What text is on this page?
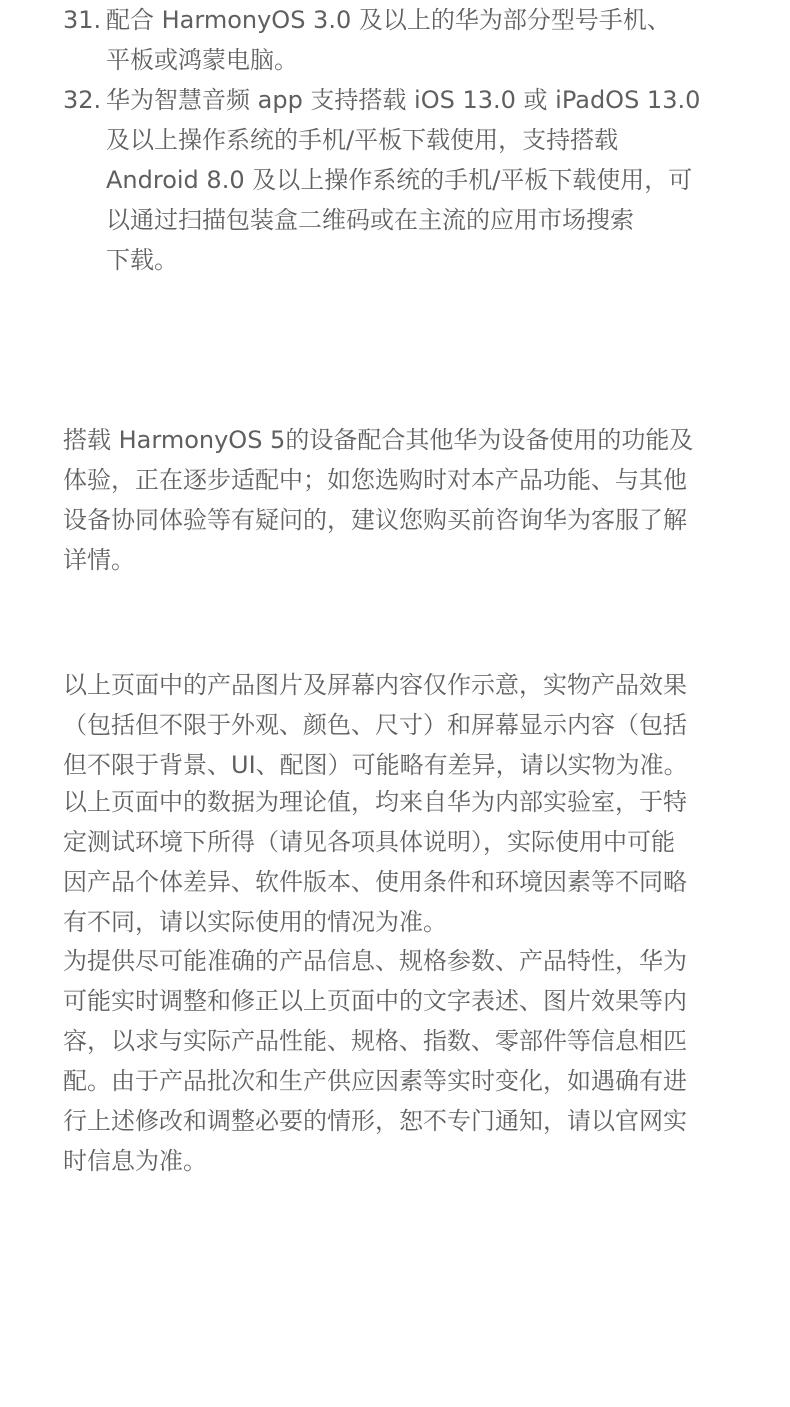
31. 配合 HarmonyOS 3.0 及以上的华为部分型号手机、
平板或鸿蒙电脑。
32. 华为智慧音频 app 支持搭载 iOS 13.0 或 iPadOS 13.0
及以上操作系统的手机/平板下载使用，支持搭载
Android 8.0 及以上操作系统的手机/平板下载使用，可
以通过扫描包装盒二维码或在主流的应用市场搜索
下载。

搭载 HarmonyOS 5的设备配合其他华为设备使用的功能及
体验，正在逐步适配中；如您选购时对本产品功能、与其他
设备协同体验等有疑问的，建议您购买前咨询华为客服了解
详情。

以上页面中的产品图片及屏幕内容仅作示意，实物产品效果
（包括但不限于外观、颜色、尺寸）和屏幕显示内容（包括
但不限于背景、UI、配图）可能略有差异，请以实物为准。

以上页面中的数据为理论值，均来自华为内部实验室，于特
定测试环境下所得（请见各项具体说明），实际使用中可能
因产品个体差异、软件版本、使用条件和环境因素等不同略
有不同，请以实际使用的情况为准。

为提供尽可能准确的产品信息、规格参数、产品特性，华为
可能实时调整和修正以上页面中的文字表述、图片效果等内
容，以求与实际产品性能、规格、指数、零部件等信息相匹
配。由于产品批次和生产供应因素等实时变化，如遇确有进
行上述修改和调整必要的情形，恕不专门通知，请以官网实
时信息为准。
